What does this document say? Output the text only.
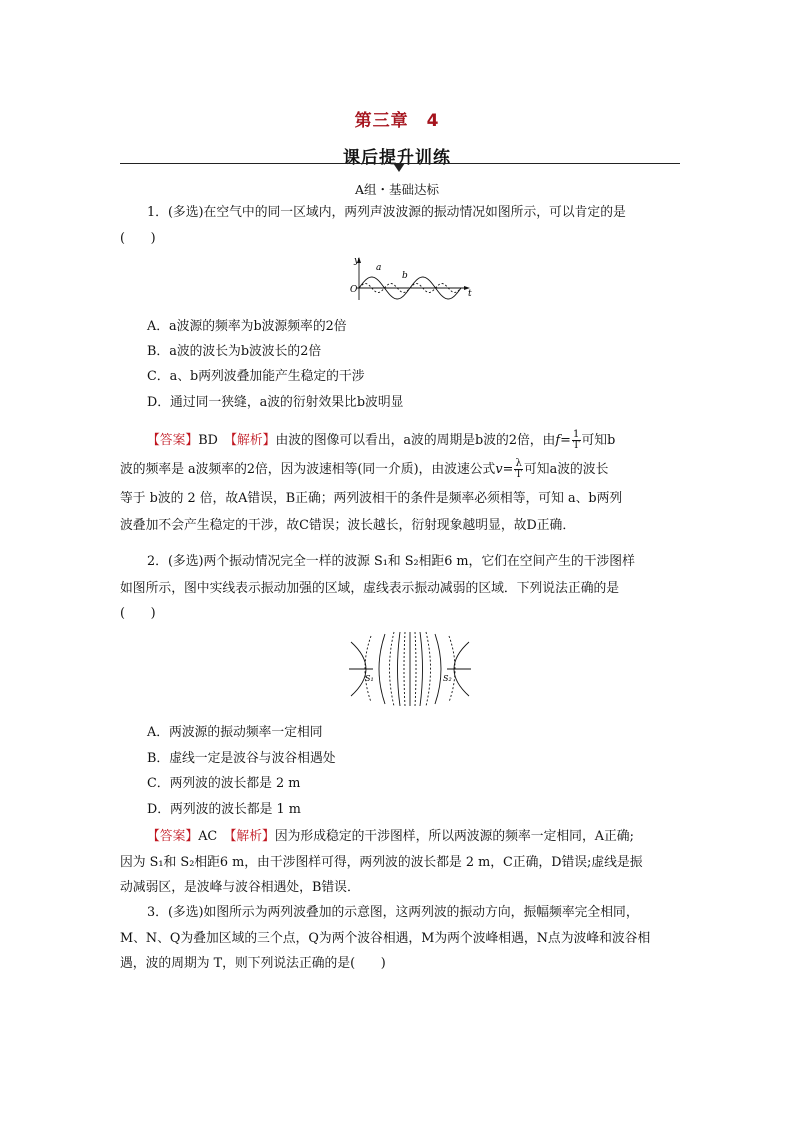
第三章　4
课后提升训练
A组・基础达标
1．(多选)在空气中的同一区域内，两列声波波源的振动情况如图所示，可以肯定的是
(　　)
y
t
O
a
b
A．a波源的频率为b波源频率的2倍
B．a波的波长为b波波长的2倍
C．a、b两列波叠加能产生稳定的干涉
D．通过同一狭缝，a波的衍射效果比b波明显
【答案】BD　 【解析】由波的图像可以看出，a波的周期是b波的2倍，由$f= \frac{1}{T}$ 可知b
波的频率是 a波频率的2倍，因为波速相等(同一介质)，由波速公式$v= \frac{\lambda}{T}$ 可知a波的波长
等于 b波的 2 倍，故A错误，B正确；两列波相干的条件是频率必须相等，可知 a、b两列
波叠加不会产生稳定的干涉，故C错误；波长越长，衍射现象越明显，故D正确．
2．(多选)两个振动情况完全一样的波源 S₁和 S₂相距6 m，它们在空间产生的干涉图样
如图所示，图中实线表示振动加强的区域，虚线表示振动减弱的区域．下列说法正确的是
(　　)
S₁	S₂
A．两波源的振动频率一定相同
B．虚线一定是波谷与波谷相遇处
C．两列波的波长都是 2 m
D．两列波的波长都是 1 m
【答案】AC　 【解析】因为形成稳定的干涉图样，所以两波源的频率一定相同，A正确;
因为 S₁和 S₂相距6 m，由干涉图样可得，两列波的波长都是 2 m，C正确，D错误;虚线是振
动减弱区，是波峰与波谷相遇处，B错误．
3．(多选)如图所示为两列波叠加的示意图，这两列波的振动方向，振幅频率完全相同，
M、N、Q为叠加区域的三个点，Q为两个波谷相遇，M为两个波峰相遇，N点为波峰和波谷相
遇，波的周期为 T，则下列说法正确的是(　　)
